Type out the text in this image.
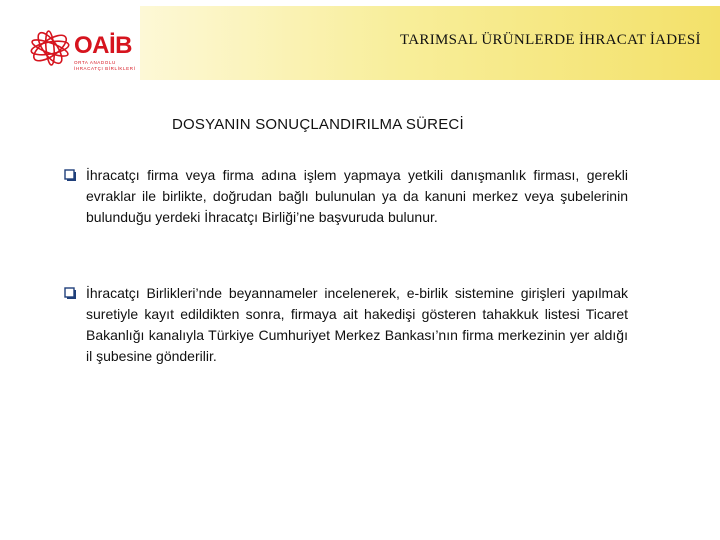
OAİB
ORTA ANADOLU İHRACATÇI BİRLİKLERİ
TARIMSAL ÜRÜNLERDE İHRACAT İADESİ
DOSYANIN SONUÇLANDIRILMA SÜRECİ
İhracatçı firma veya firma adına işlem yapmaya yetkili danışmanlık firması, gerekli evraklar ile birlikte, doğrudan bağlı bulunulan ya da kanuni merkez veya şubelerinin bulunduğu yerdeki İhracatçı Birliği’ne başvuruda bulunur.
İhracatçı Birlikleri’nde beyannameler incelenerek, e-birlik sistemine girişleri yapılmak suretiyle kayıt edildikten sonra, firmaya ait hakedişi gösteren tahakkuk listesi Ticaret Bakanlığı kanalıyla Türkiye Cumhuriyet Merkez Bankası’nın firma merkezinin yer aldığı il şubesine gönderilir.
